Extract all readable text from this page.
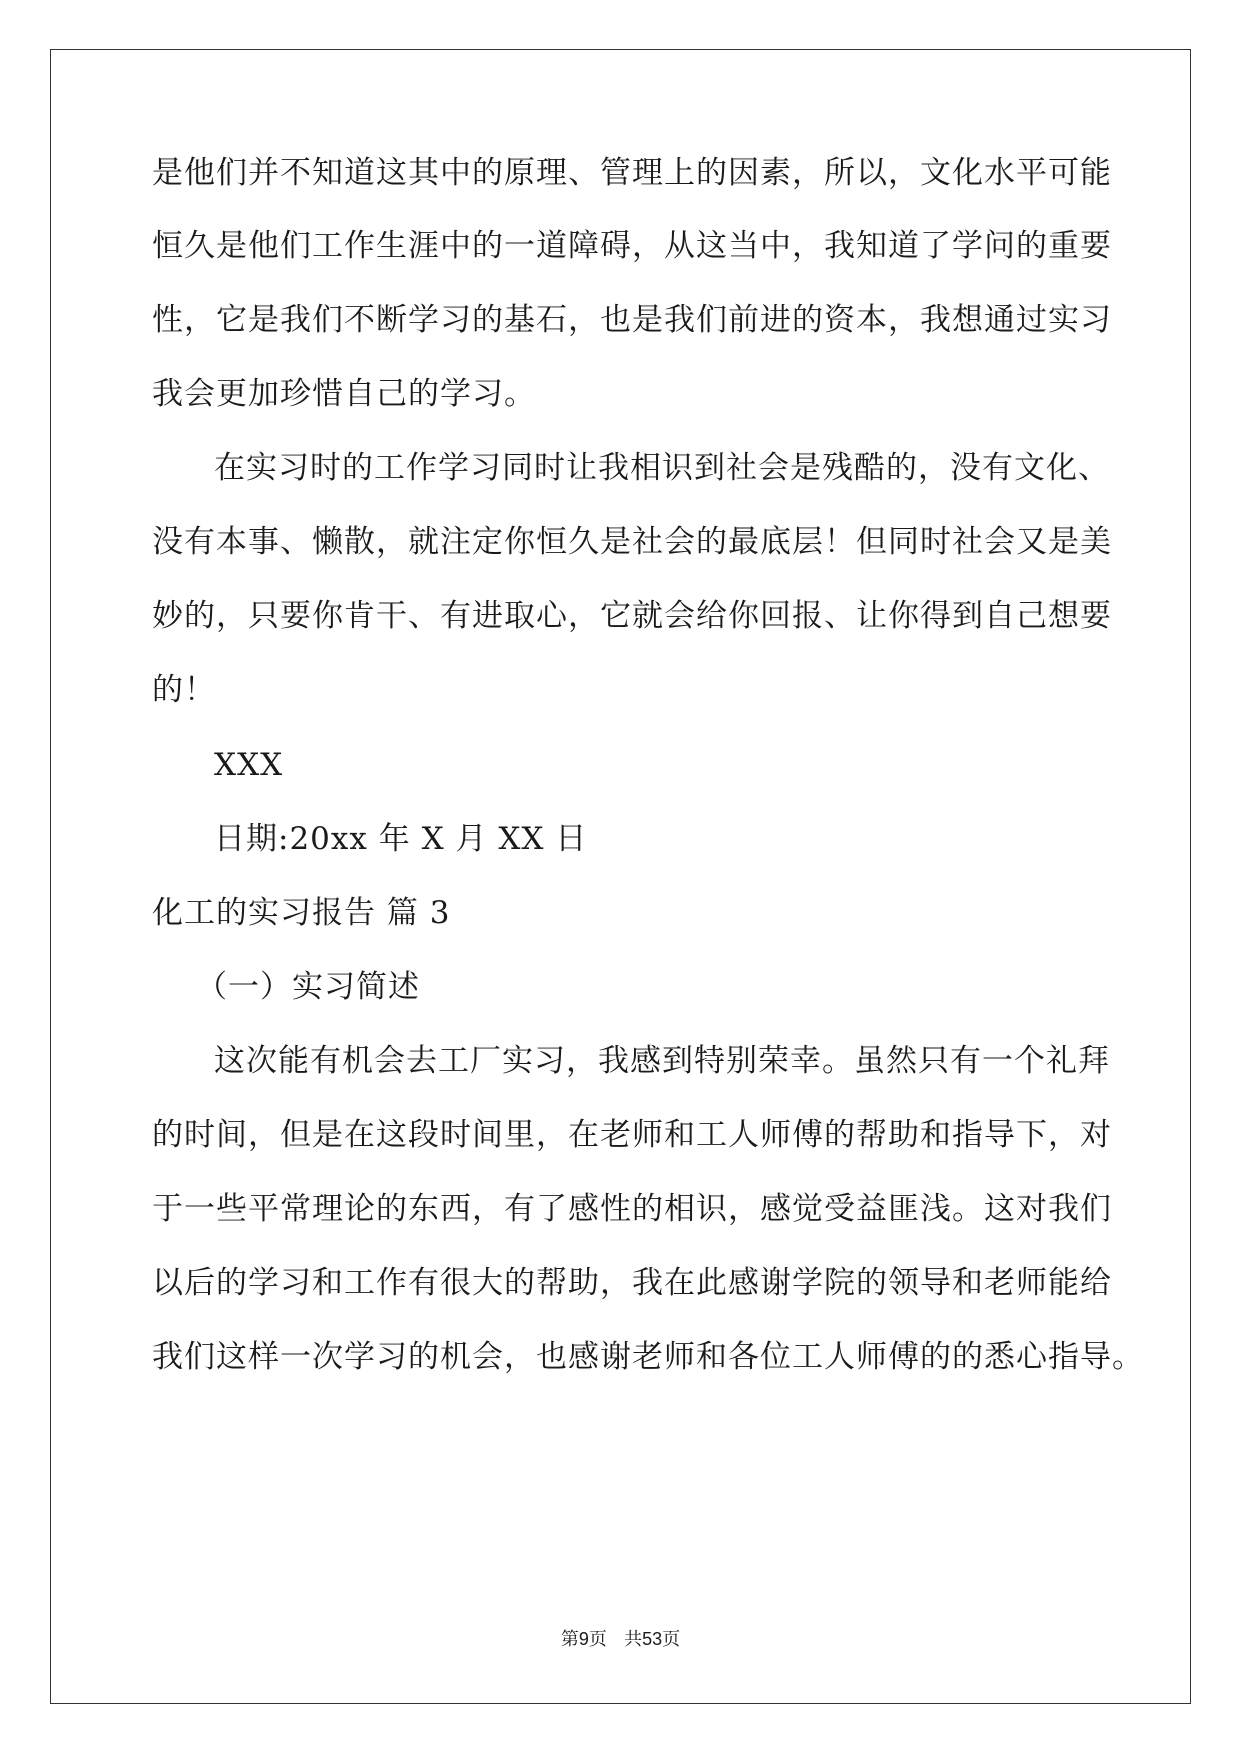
是他们并不知道这其中的原理、管理上的因素，所以，文化水平可能
恒久是他们工作生涯中的一道障碍，从这当中，我知道了学问的重要
性，它是我们不断学习的基石，也是我们前进的资本，我想通过实习
我会更加珍惜自己的学习。
在实习时的工作学习同时让我相识到社会是残酷的，没有文化、
没有本事、懒散，就注定你恒久是社会的最底层！但同时社会又是美
妙的，只要你肯干、有进取心，它就会给你回报、让你得到自己想要
的！
XXX
日期:20xx 年 X 月 XX 日
化工的实习报告 篇 3
（一）实习简述
这次能有机会去工厂实习，我感到特别荣幸。虽然只有一个礼拜
的时间，但是在这段时间里，在老师和工人师傅的帮助和指导下，对
于一些平常理论的东西，有了感性的相识，感觉受益匪浅。这对我们
以后的学习和工作有很大的帮助，我在此感谢学院的领导和老师能给
我们这样一次学习的机会，也感谢老师和各位工人师傅的的悉心指导。
第9页 共53页
